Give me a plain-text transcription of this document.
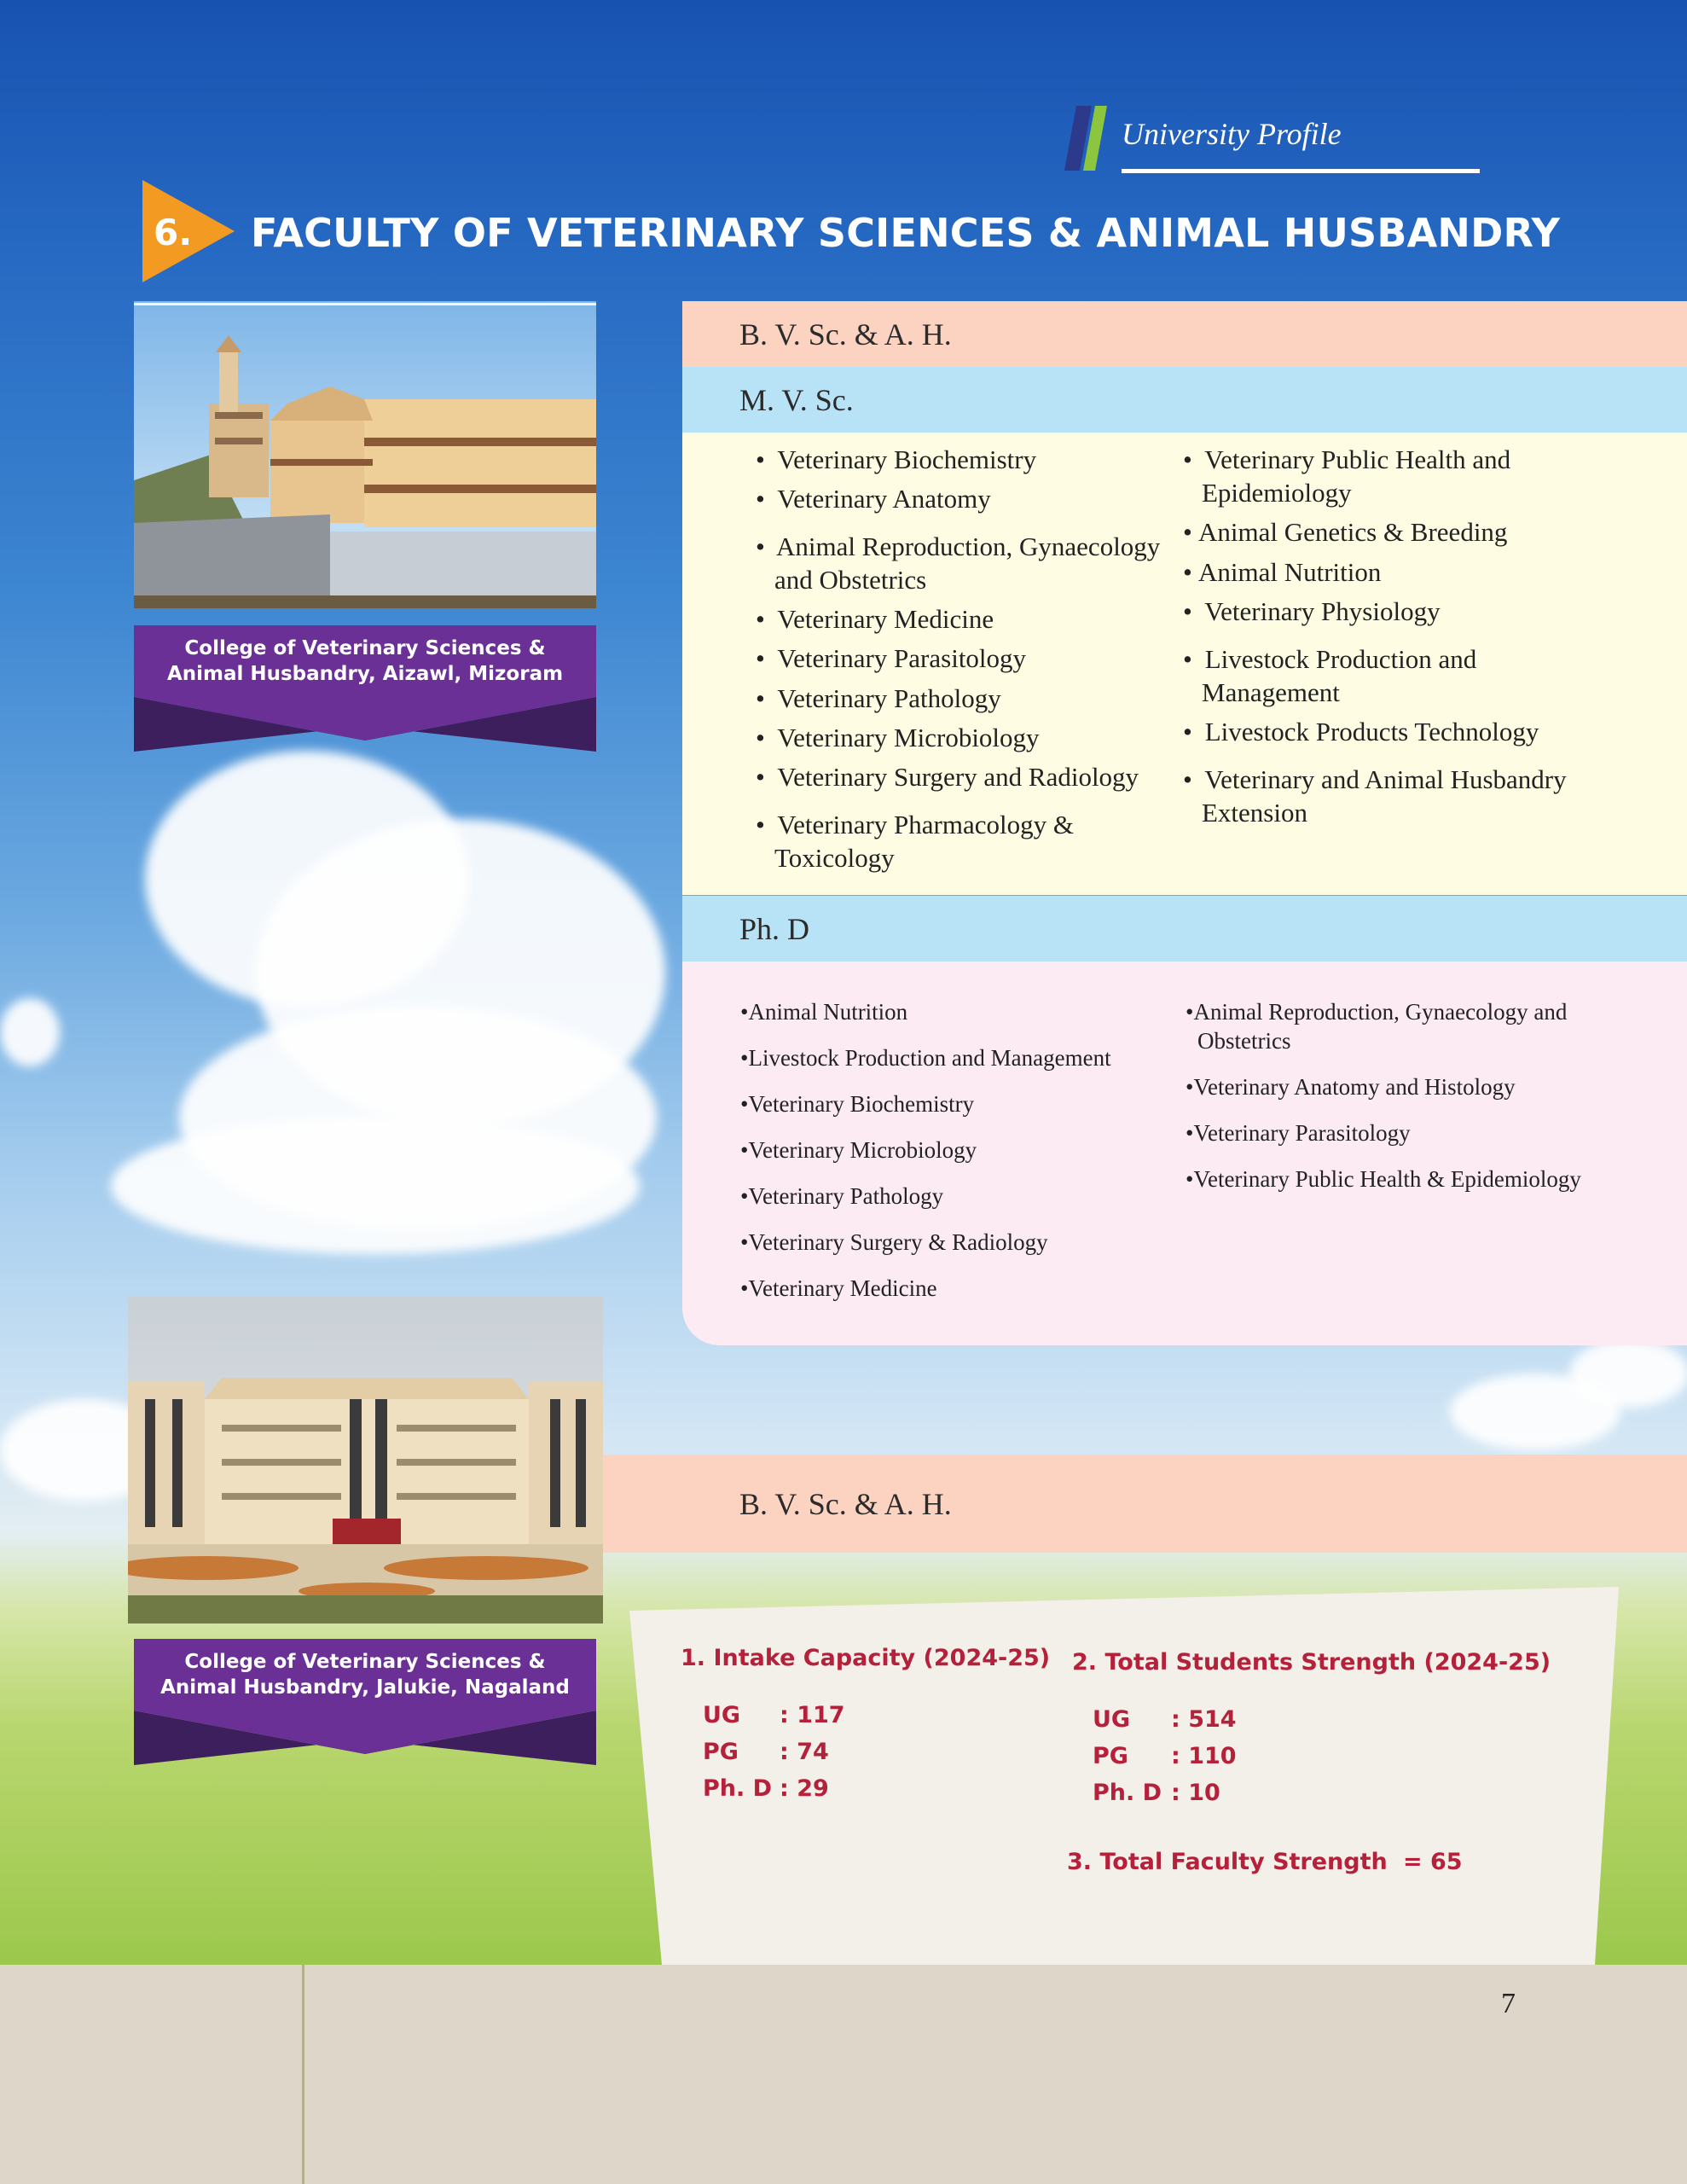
7
University Profile
6. FACULTY OF VETERINARY SCIENCES & ANIMAL HUSBANDRY
College of Veterinary Sciences &
Animal Husbandry, Aizawl, Mizoram
B. V. Sc. & A. H.
M. V. Sc.
• Veterinary Biochemistry
• Veterinary Anatomy
• Animal Reproduction, Gynaecology
and Obstetrics
• Veterinary Medicine
• Veterinary Parasitology
• Veterinary Pathology
• Veterinary Microbiology
• Veterinary Surgery and Radiology
• Veterinary Pharmacology &
Toxicology
• Veterinary Public Health and
Epidemiology
• Animal Genetics & Breeding
• Animal Nutrition
• Veterinary Physiology
• Livestock Production and
Management
• Livestock Products Technology
• Veterinary and Animal Husbandry
Extension
Ph. D
•Animal Nutrition
•Livestock Production and Management
•Veterinary Biochemistry
•Veterinary Microbiology
•Veterinary Pathology
•Veterinary Surgery & Radiology
•Veterinary Medicine
•Animal Reproduction, Gynaecology and
Obstetrics
•Veterinary Anatomy and Histology
•Veterinary Parasitology
•Veterinary Public Health & Epidemiology
College of Veterinary Sciences &
Animal Husbandry, Jalukie, Nagaland
B. V. Sc. & A. H.
1. Intake Capacity (2024-25)
UG : 117
PG : 74
Ph. D : 29
2. Total Students Strength (2024-25)
UG : 514
PG : 110
Ph. D : 10
3. Total Faculty Strength = 65
